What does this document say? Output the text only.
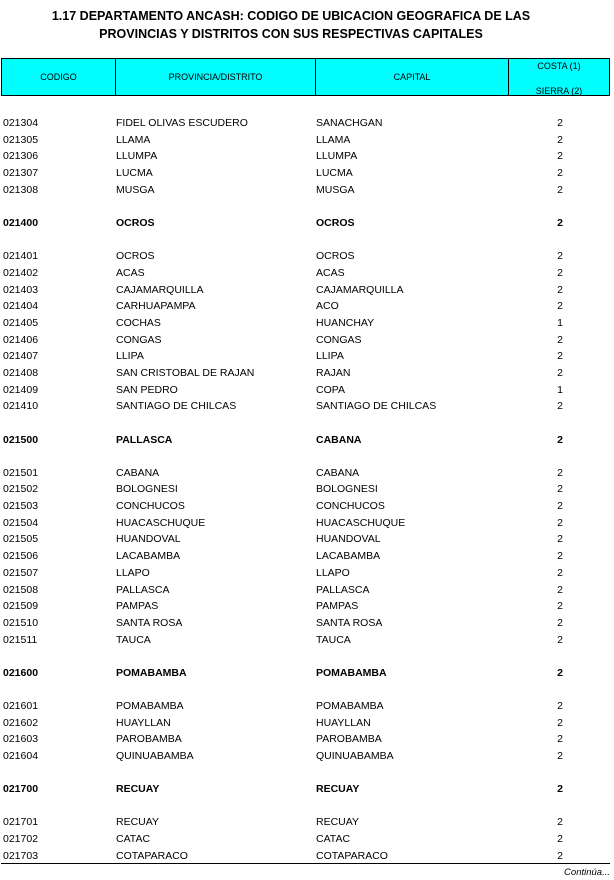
1.17 DEPARTAMENTO ANCASH: CODIGO DE UBICACION GEOGRAFICA DE LAS
PROVINCIAS Y DISTRITOS CON SUS RESPECTIVAS CAPITALES
CODIGO	PROVINCIA/DISTRITO	CAPITAL
COSTA (1)
SIERRA (2)
021304	FIDEL OLIVAS ESCUDERO	SANACHGAN	2
021305	LLAMA	LLAMA	2
021306	LLUMPA	LLUMPA	2
021307	LUCMA	LUCMA	2
021308	MUSGA	MUSGA	2
021400	OCROS	OCROS	2
021401	OCROS	OCROS	2
021402	ACAS	ACAS	2
021403	CAJAMARQUILLA	CAJAMARQUILLA	2
021404	CARHUAPAMPA	ACO	2
021405	COCHAS	HUANCHAY	1
021406	CONGAS	CONGAS	2
021407	LLIPA	LLIPA	2
021408	SAN CRISTOBAL DE RAJAN	RAJAN	2
021409	SAN PEDRO	COPA	1
021410	SANTIAGO DE CHILCAS	SANTIAGO DE CHILCAS	2
021500	PALLASCA	CABANA	2
021501	CABANA	CABANA	2
021502	BOLOGNESI	BOLOGNESI	2
021503	CONCHUCOS	CONCHUCOS	2
021504	HUACASCHUQUE	HUACASCHUQUE	2
021505	HUANDOVAL	HUANDOVAL	2
021506	LACABAMBA	LACABAMBA	2
021507	LLAPO	LLAPO	2
021508	PALLASCA	PALLASCA	2
021509	PAMPAS	PAMPAS	2
021510	SANTA ROSA	SANTA ROSA	2
021511	TAUCA	TAUCA	2
021600	POMABAMBA	POMABAMBA	2
021601	POMABAMBA	POMABAMBA	2
021602	HUAYLLAN	HUAYLLAN	2
021603	PAROBAMBA	PAROBAMBA	2
021604	QUINUABAMBA	QUINUABAMBA	2
021700	RECUAY	RECUAY	2
021701	RECUAY	RECUAY	2
021702	CATAC	CATAC	2
021703	COTAPARACO	COTAPARACO	2
Continúa...
